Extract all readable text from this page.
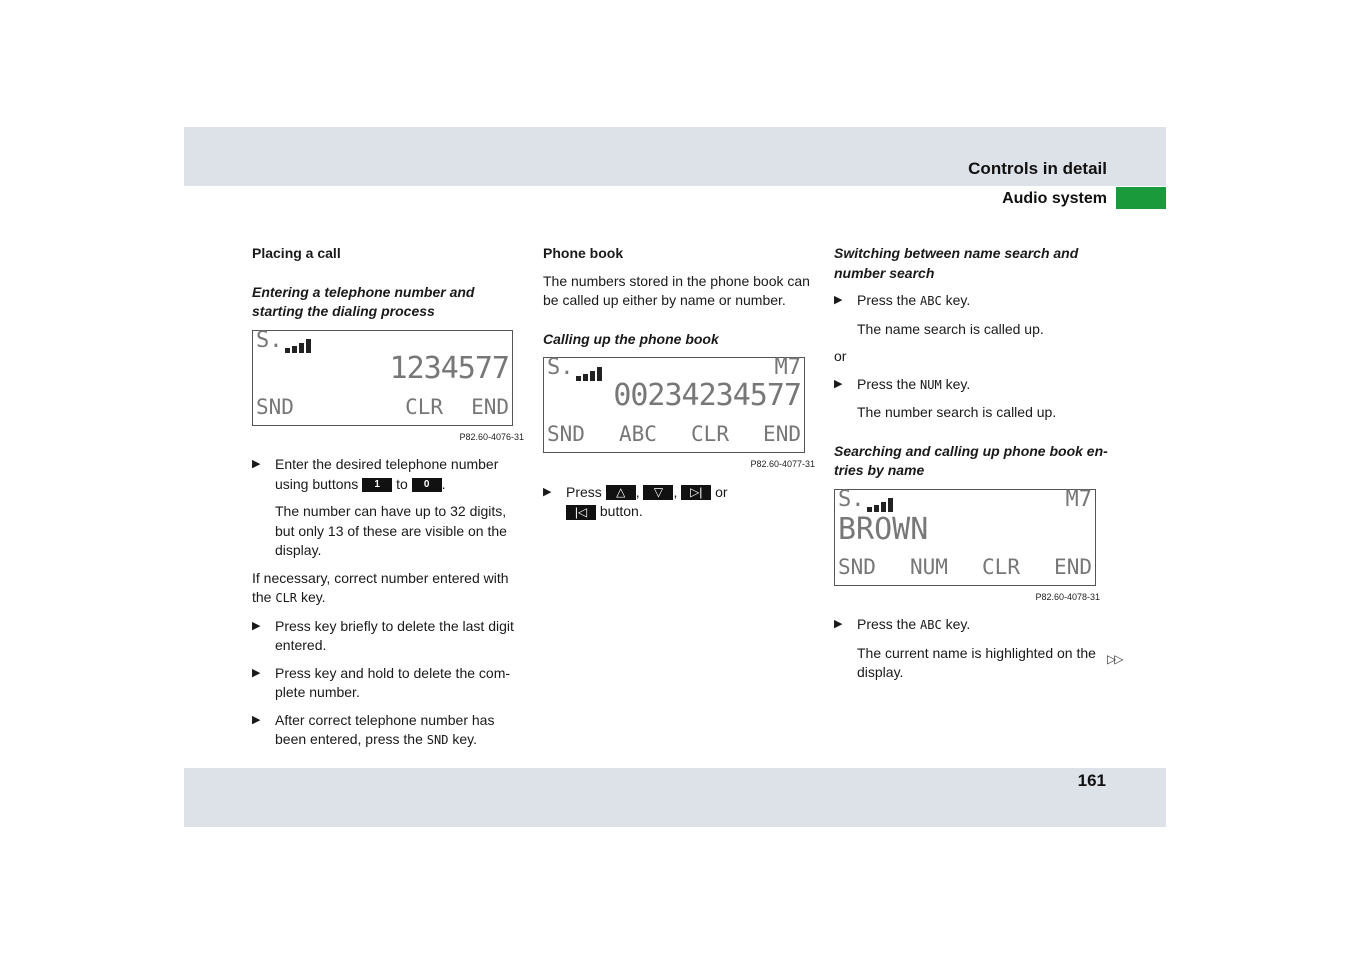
Controls in detail
Audio system

Placing a call

Entering a telephone number and starting the dialing process

S.
1234577
SND	CLR END
P82.60-4076-31
▶ Enter the desired telephone number using buttons 1 to 0 .

The number can have up to 32 digits, but only 13 of these are visible on the display.

If necessary, correct number entered with the CLR key.

▶ Press key briefly to delete the last digit entered.
▶ Press key and hold to delete the com-plete number.
▶ After correct telephone number has been entered, press the SND key.

Phone book

The numbers stored in the phone book can be called up either by name or number.

Calling up the phone book

S.	M7
00234234577
SND ABC CLR END
P82.60-4077-31
▶ Press △ , ▽ , ▷| or
|◁ button.

Switching between name search and number search

▶ Press the ABC key.

The name search is called up.

or

▶ Press the NUM key.

The number search is called up.

Searching and calling up phone book en-tries by name

S.	M7
BROWN
SND NUM CLR END
P82.60-4078-31
▶ Press the ABC key.

The current name is highlighted on the display.

▷▷
161
